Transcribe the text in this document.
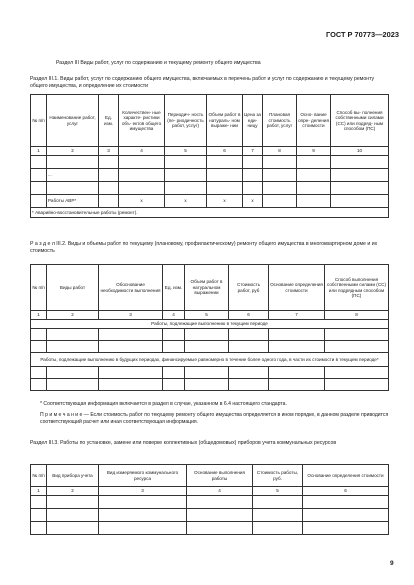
ГОСТ Р 70773—2023
Раздел III Виды работ, услуг по содержанию и текущему ремонту общего имущества
Раздел III.1. Виды работ, услуг по содержанию общего имущества, включаемых в перечень работ и услуг по содержанию и текущему ремонту общего имущества, и определение их стоимости
№ п/п	Наименование работ, услуг	Ед. изм.	Количествен- ные характе- ристики объ- ектов общего имущества	Периодич- ность (пе- риодичность работ, услуг)	Объем работ в натураль- ном выраже- нии	Цена за еди- ницу	Плановая стоимость работ, услуг	Осно- вание опре- деления стоимости	Способ вы- полнения собственными силами (СС) или подряд- ным способом (ПС)
1	2	3	4	5	6	7	8	9	10

	...								

	Работы АВР*		x	x	x	x			
* Аварийно-восстановительные работы (ремонт).									
Р а з д е л III.2. Виды и объемы работ по текущему (плановому, профилактическому) ремонту общего имущества в многоквартирном доме и их стоимость
№ п/п	Виды работ	Обоснование необходимости выполнения	Ед. изм.	Объем работ в натуральном выражении	Стоимость работ, руб	Основание определения стоимости	Способ выполнения собственными силами (СС) или подрядным способом (ПС)
1	2	3	4	5	6	7	8
Работы, подлежащие выполнению в текущем периоде							

Работы, подлежащие выполнению в будущих периодах, финансируемые равномерно в течение более одного года, в части их стоимости в текущем периоде*							

* Соответствующая информация включается в раздел в случае, указанном в 6.4 настоящего стандарта.
П р и м е ч а н и е — Если стоимость работ по текущему ремонту общего имущества определяется в ином порядке, в данном разделе приводится соответствующий расчет или иная соответствующая информация.
Раздел III.3. Работы по установке, замене или поверке коллективных (общедомовых) приборов учета коммунальных ресурсов
№ п/п	Вид прибора учета	Вид измеряемого коммунального ресурса	Основание выполнения работы	Стоимость работы, руб.	Основание определения стоимости
1	2	3	4	5	6

9
